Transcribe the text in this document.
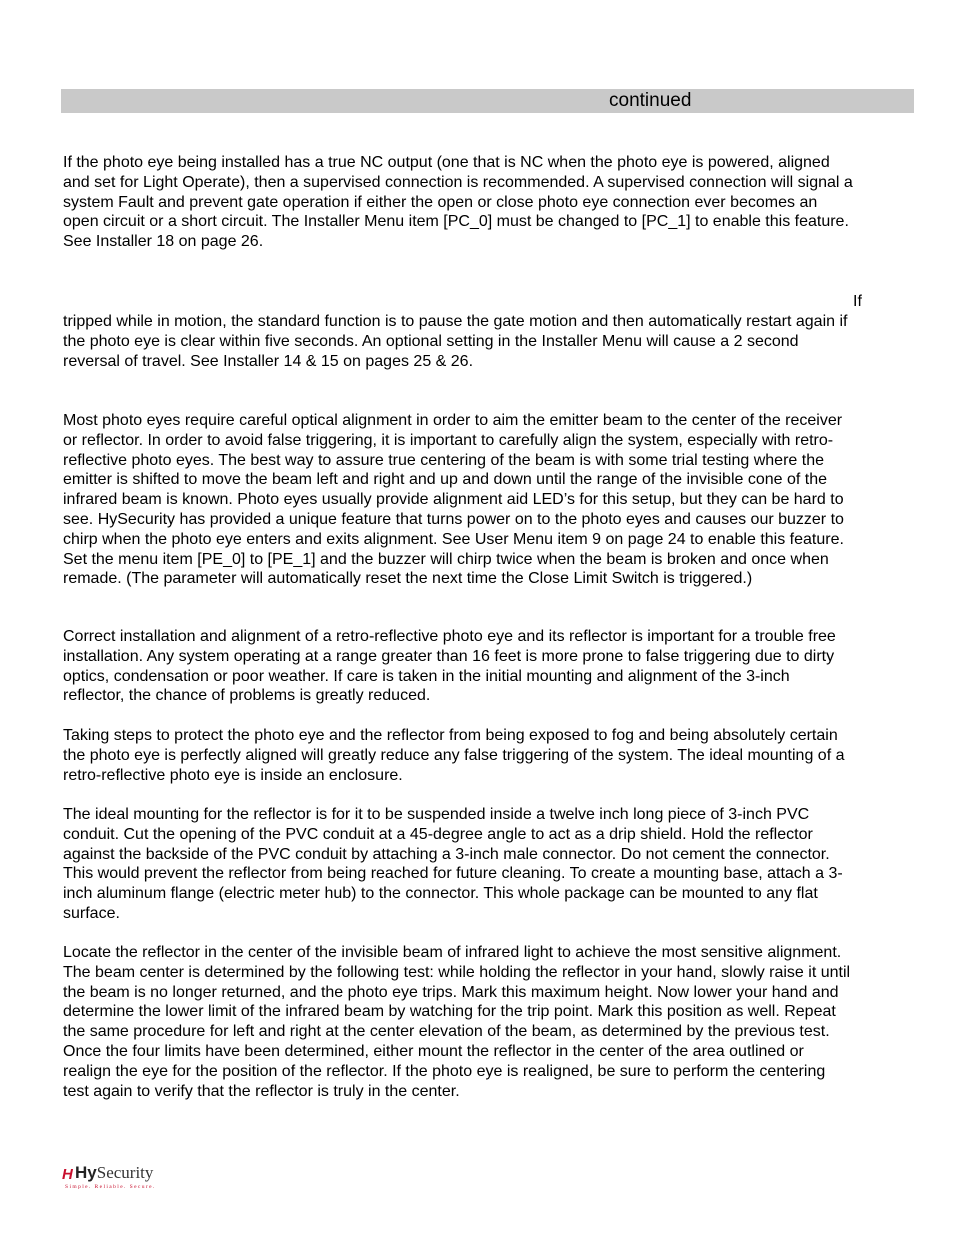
continued

If the photo eye being installed has a true NC output (one that is NC when the photo eye is powered, aligned
and set for Light Operate), then a supervised connection is recommended. A supervised connection will signal a
system Fault and prevent gate operation if either the open or close photo eye connection ever becomes an
open circuit or a short circuit. The Installer Menu item [PC_0] must be changed to [PC_1] to enable this feature.
See Installer 18 on page 26.

If

tripped while in motion, the standard function is to pause the gate motion and then automatically restart again if
the photo eye is clear within five seconds. An optional setting in the Installer Menu will cause a 2 second
reversal of travel. See Installer 14 & 15 on pages 25 & 26.

Most photo eyes require careful optical alignment in order to aim the emitter beam to the center of the receiver
or reflector. In order to avoid false triggering, it is important to carefully align the system, especially with retro-
reflective photo eyes. The best way to assure true centering of the beam is with some trial testing where the
emitter is shifted to move the beam left and right and up and down until the range of the invisible cone of the
infrared beam is known. Photo eyes usually provide alignment aid LED’s for this setup, but they can be hard to
see. HySecurity has provided a unique feature that turns power on to the photo eyes and causes our buzzer to
chirp when the photo eye enters and exits alignment. See User Menu item 9 on page 24 to enable this feature.
Set the menu item [PE_0] to [PE_1] and the buzzer will chirp twice when the beam is broken and once when
remade. (The parameter will automatically reset the next time the Close Limit Switch is triggered.)

Correct installation and alignment of a retro-reflective photo eye and its reflector is important for a trouble free
installation. Any system operating at a range greater than 16 feet is more prone to false triggering due to dirty
optics, condensation or poor weather. If care is taken in the initial mounting and alignment of the 3-inch
reflector, the chance of problems is greatly reduced.

Taking steps to protect the photo eye and the reflector from being exposed to fog and being absolutely certain
the photo eye is perfectly aligned will greatly reduce any false triggering of the system. The ideal mounting of a
retro-reflective photo eye is inside an enclosure.

The ideal mounting for the reflector is for it to be suspended inside a twelve inch long piece of 3-inch PVC
conduit. Cut the opening of the PVC conduit at a 45-degree angle to act as a drip shield. Hold the reflector
against the backside of the PVC conduit by attaching a 3-inch male connector. Do not cement the connector.
This would prevent the reflector from being reached for future cleaning. To create a mounting base, attach a 3-
inch aluminum flange (electric meter hub) to the connector. This whole package can be mounted to any flat
surface.

Locate the reflector in the center of the invisible beam of infrared light to achieve the most sensitive alignment.
The beam center is determined by the following test: while holding the reflector in your hand, slowly raise it until
the beam is no longer returned, and the photo eye trips. Mark this maximum height. Now lower your hand and
determine the lower limit of the infrared beam by watching for the trip point. Mark this position as well. Repeat
the same procedure for left and right at the center elevation of the beam, as determined by the previous test.
Once the four limits have been determined, either mount the reflector in the center of the area outlined or
realign the eye for the position of the reflector. If the photo eye is realigned, be sure to perform the centering
test again to verify that the reflector is truly in the center.

H HySecurity
Simple. Reliable. Secure.
